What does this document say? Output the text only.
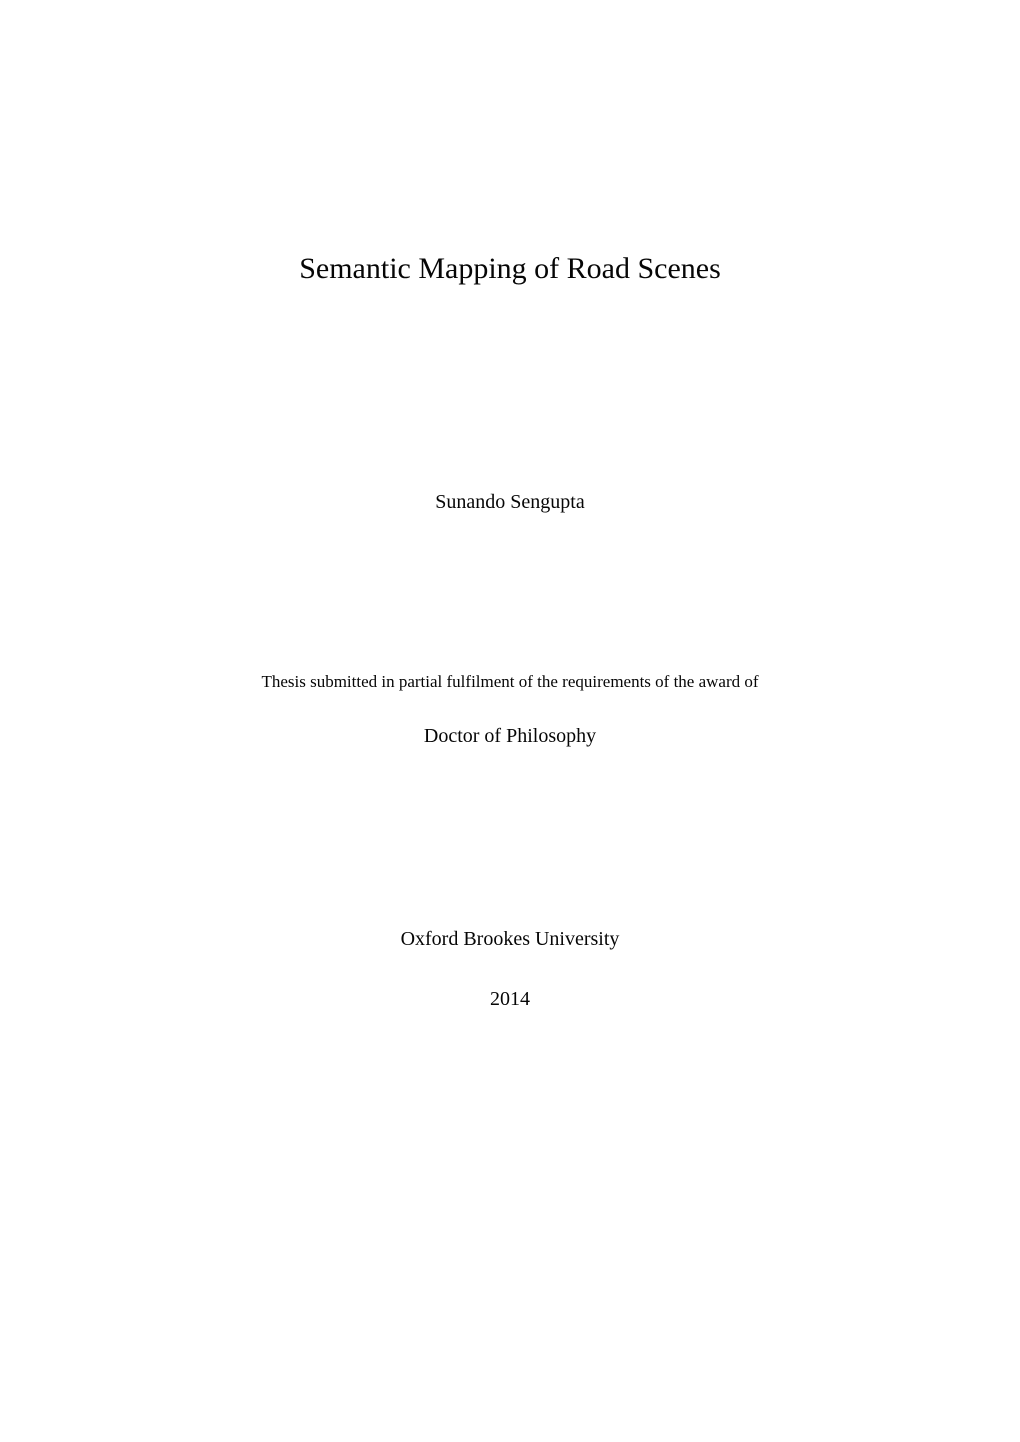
Semantic Mapping of Road Scenes
Sunando Sengupta
Thesis submitted in partial fulfilment of the requirements of the award of
Doctor of Philosophy
Oxford Brookes University
2014
